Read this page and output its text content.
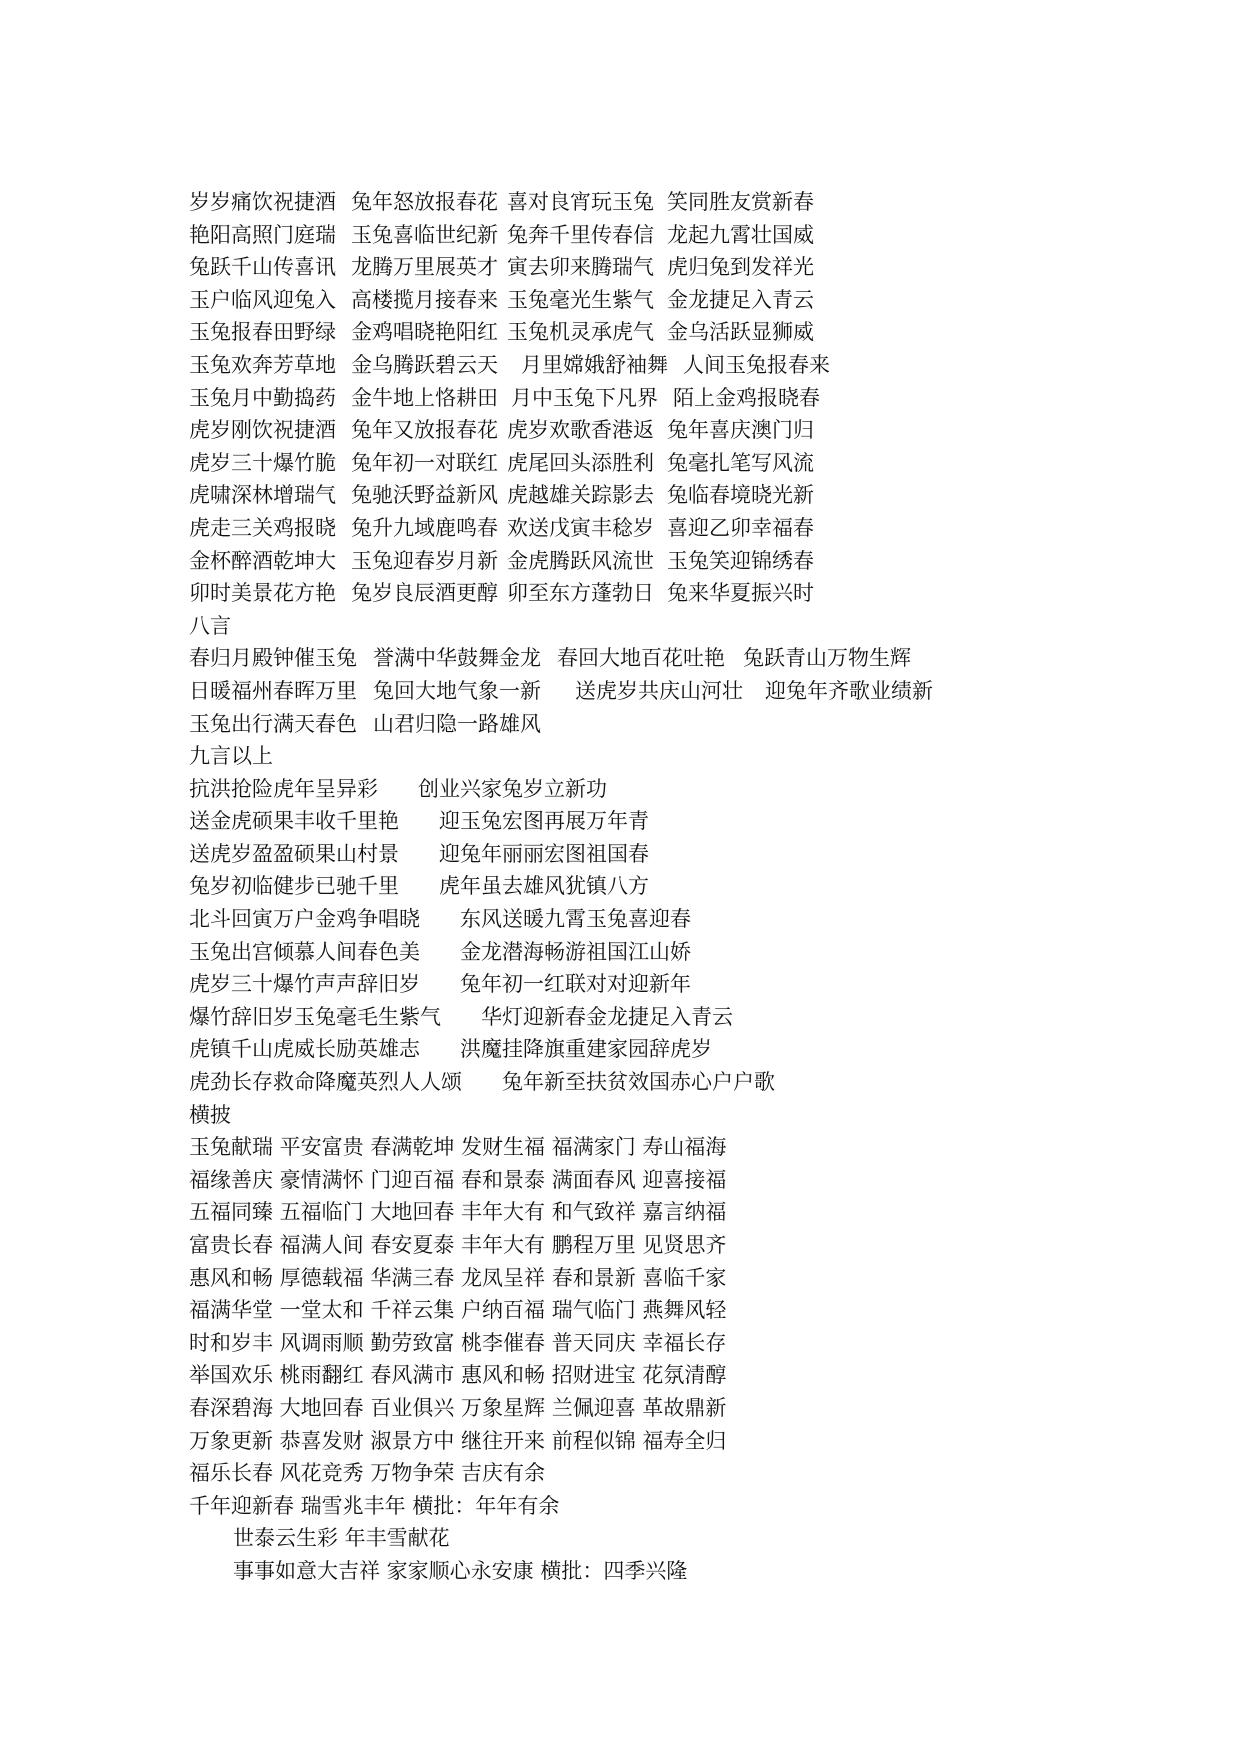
岁岁痛饮祝捷酒 兔年怒放报春花 喜对良宵玩玉兔 笑同胜友赏新春
艳阳高照门庭瑞 玉兔喜临世纪新 兔奔千里传春信 龙起九霄壮国威
兔跃千山传喜讯 龙腾万里展英才 寅去卯来腾瑞气 虎归兔到发祥光
玉户临风迎兔入 高楼揽月接春来 玉兔毫光生紫气 金龙捷足入青云
玉兔报春田野绿 金鸡唱晓艳阳红 玉兔机灵承虎气 金乌活跃显狮威
玉兔欢奔芳草地 金乌腾跃碧云天 月里嫦娥舒袖舞 人间玉兔报春来
玉兔月中勤捣药 金牛地上恪耕田 月中玉兔下凡界 陌上金鸡报晓春
虎岁刚饮祝捷酒 兔年又放报春花 虎岁欢歌香港返 兔年喜庆澳门归
虎岁三十爆竹脆 兔年初一对联红 虎尾回头添胜利 兔毫扎笔写风流
虎啸深林增瑞气 兔驰沃野益新风 虎越雄关踪影去 兔临春境晓光新
虎走三关鸡报晓 兔升九域鹿鸣春 欢送戊寅丰稔岁 喜迎乙卯幸福春
金杯醉酒乾坤大 玉兔迎春岁月新 金虎腾跃风流世 玉兔笑迎锦绣春
卯时美景花方艳 兔岁良辰酒更醇 卯至东方蓬勃日 兔来华夏振兴时
八言
春归月殿钟催玉兔 誉满中华鼓舞金龙 春回大地百花吐艳 兔跃青山万物生辉
日暖福州春晖万里 兔回大地气象一新 送虎岁共庆山河壮 迎兔年齐歌业绩新
玉兔出行满天春色 山君归隐一路雄风
九言以上
抗洪抢险虎年呈异彩 创业兴家兔岁立新功
送金虎硕果丰收千里艳 迎玉兔宏图再展万年青
送虎岁盈盈硕果山村景 迎兔年丽丽宏图祖国春
兔岁初临健步已驰千里 虎年虽去雄风犹镇八方
北斗回寅万户金鸡争唱晓 东风送暖九霄玉兔喜迎春
玉兔出宫倾慕人间春色美 金龙潜海畅游祖国江山娇
虎岁三十爆竹声声辞旧岁 兔年初一红联对对迎新年
爆竹辞旧岁玉兔毫毛生紫气 华灯迎新春金龙捷足入青云
虎镇千山虎威长励英雄志 洪魔挂降旗重建家园辞虎岁
虎劲长存救命降魔英烈人人颂 兔年新至扶贫效国赤心户户歌
横披
玉兔献瑞 平安富贵 春满乾坤 发财生福 福满家门 寿山福海
福缘善庆 豪情满怀 门迎百福 春和景泰 满面春风 迎喜接福
五福同臻 五福临门 大地回春 丰年大有 和气致祥 嘉言纳福
富贵长春 福满人间 春安夏泰 丰年大有 鹏程万里 见贤思齐
惠风和畅 厚德载福 华满三春 龙凤呈祥 春和景新 喜临千家
福满华堂 一堂太和 千祥云集 户纳百福 瑞气临门 燕舞风轻
时和岁丰 风调雨顺 勤劳致富 桃李催春 普天同庆 幸福长存
举国欢乐 桃雨翻红 春风满市 惠风和畅 招财进宝 花氛清醇
春深碧海 大地回春 百业俱兴 万象星辉 兰佩迎喜 革故鼎新
万象更新 恭喜发财 淑景方中 继往开来 前程似锦 福寿全归
福乐长春 风花竞秀 万物争荣 吉庆有余
千年迎新春 瑞雪兆丰年 横批：年年有余
世泰云生彩 年丰雪献花
事事如意大吉祥 家家顺心永安康 横批：四季兴隆
